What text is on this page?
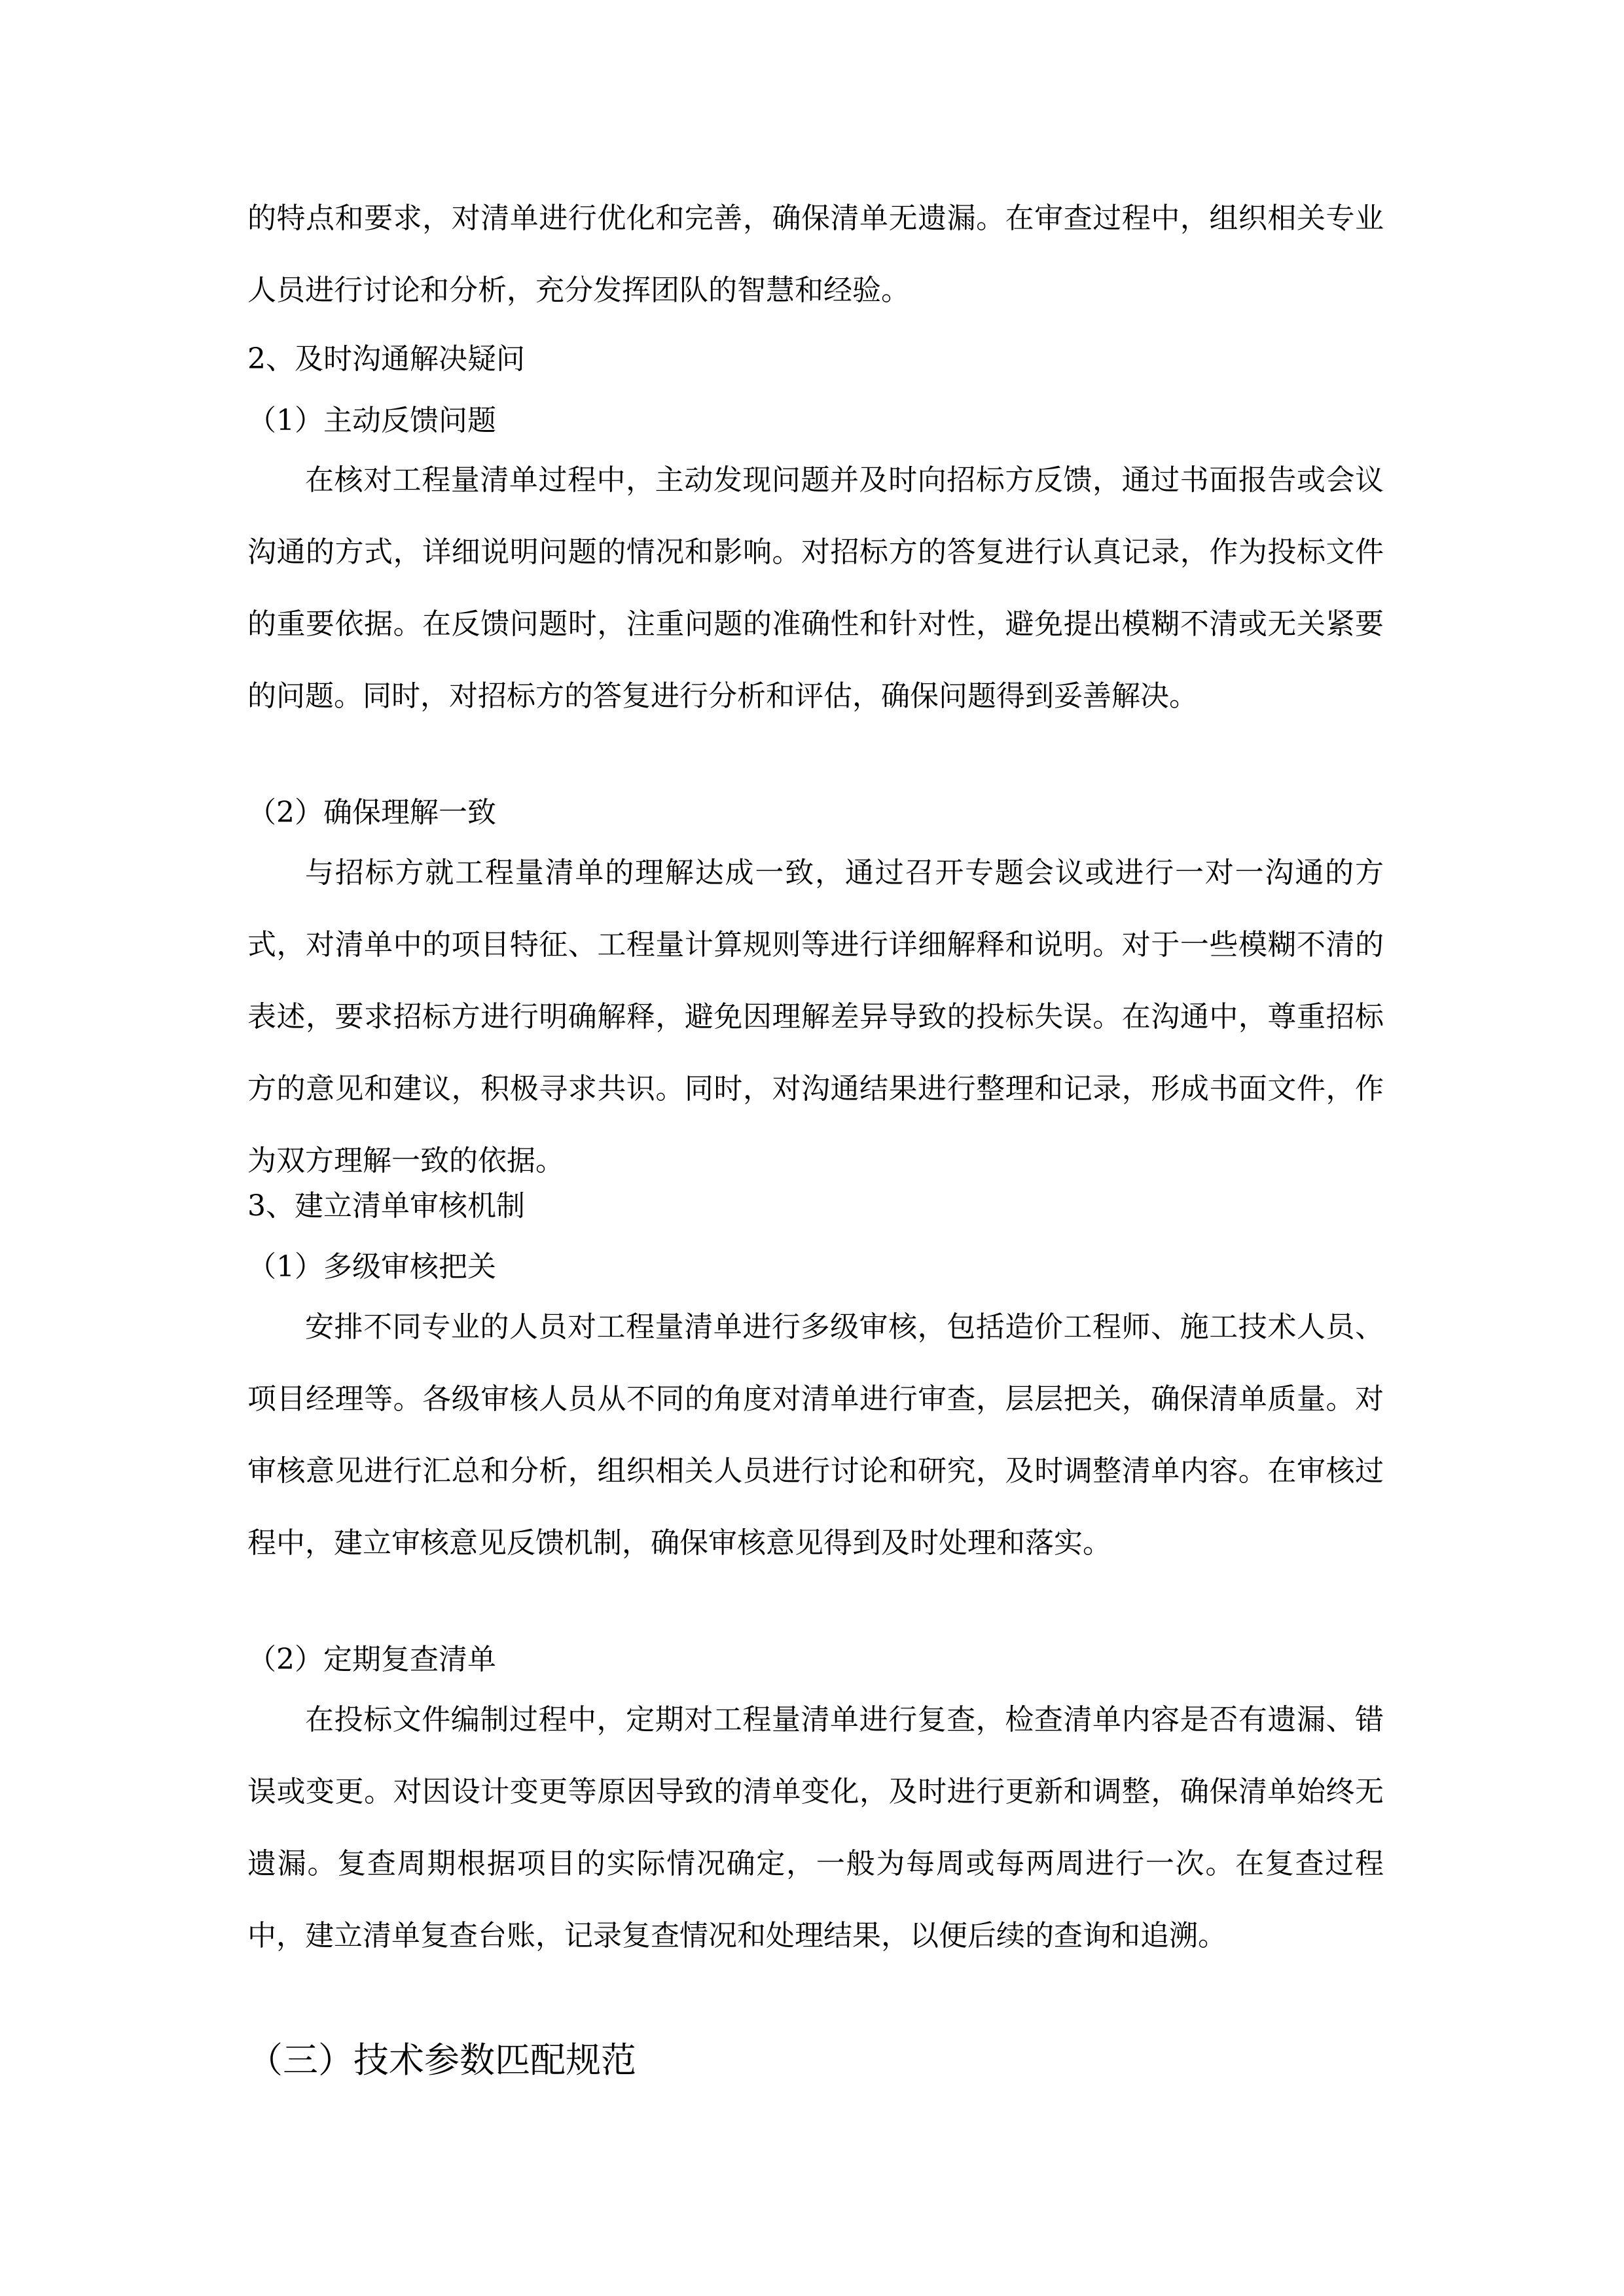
的特点和要求，对清单进行优化和完善，确保清单无遗漏。在审查过程中，组织相关专业人员进行讨论和分析，充分发挥团队的智慧和经验。

2、及时沟通解决疑问
（1）主动反馈问题

在核对工程量清单过程中，主动发现问题并及时向招标方反馈，通过书面报告或会议沟通的方式，详细说明问题的情况和影响。对招标方的答复进行认真记录，作为投标文件的重要依据。在反馈问题时，注重问题的准确性和针对性，避免提出模糊不清或无关紧要的问题。同时，对招标方的答复进行分析和评估，确保问题得到妥善解决。

（2）确保理解一致

与招标方就工程量清单的理解达成一致，通过召开专题会议或进行一对一沟通的方式，对清单中的项目特征、工程量计算规则等进行详细解释和说明。对于一些模糊不清的表述，要求招标方进行明确解释，避免因理解差异导致的投标失误。在沟通中，尊重招标方的意见和建议，积极寻求共识。同时，对沟通结果进行整理和记录，形成书面文件，作为双方理解一致的依据。

3、建立清单审核机制
（1）多级审核把关

安排不同专业的人员对工程量清单进行多级审核，包括造价工程师、施工技术人员、项目经理等。各级审核人员从不同的角度对清单进行审查，层层把关，确保清单质量。对审核意见进行汇总和分析，组织相关人员进行讨论和研究，及时调整清单内容。在审核过程中，建立审核意见反馈机制，确保审核意见得到及时处理和落实。

（2）定期复查清单

在投标文件编制过程中，定期对工程量清单进行复查，检查清单内容是否有遗漏、错误或变更。对因设计变更等原因导致的清单变化，及时进行更新和调整，确保清单始终无遗漏。复查周期根据项目的实际情况确定，一般为每周或每两周进行一次。在复查过程中，建立清单复查台账，记录复查情况和处理结果，以便后续的查询和追溯。

（三）技术参数匹配规范
